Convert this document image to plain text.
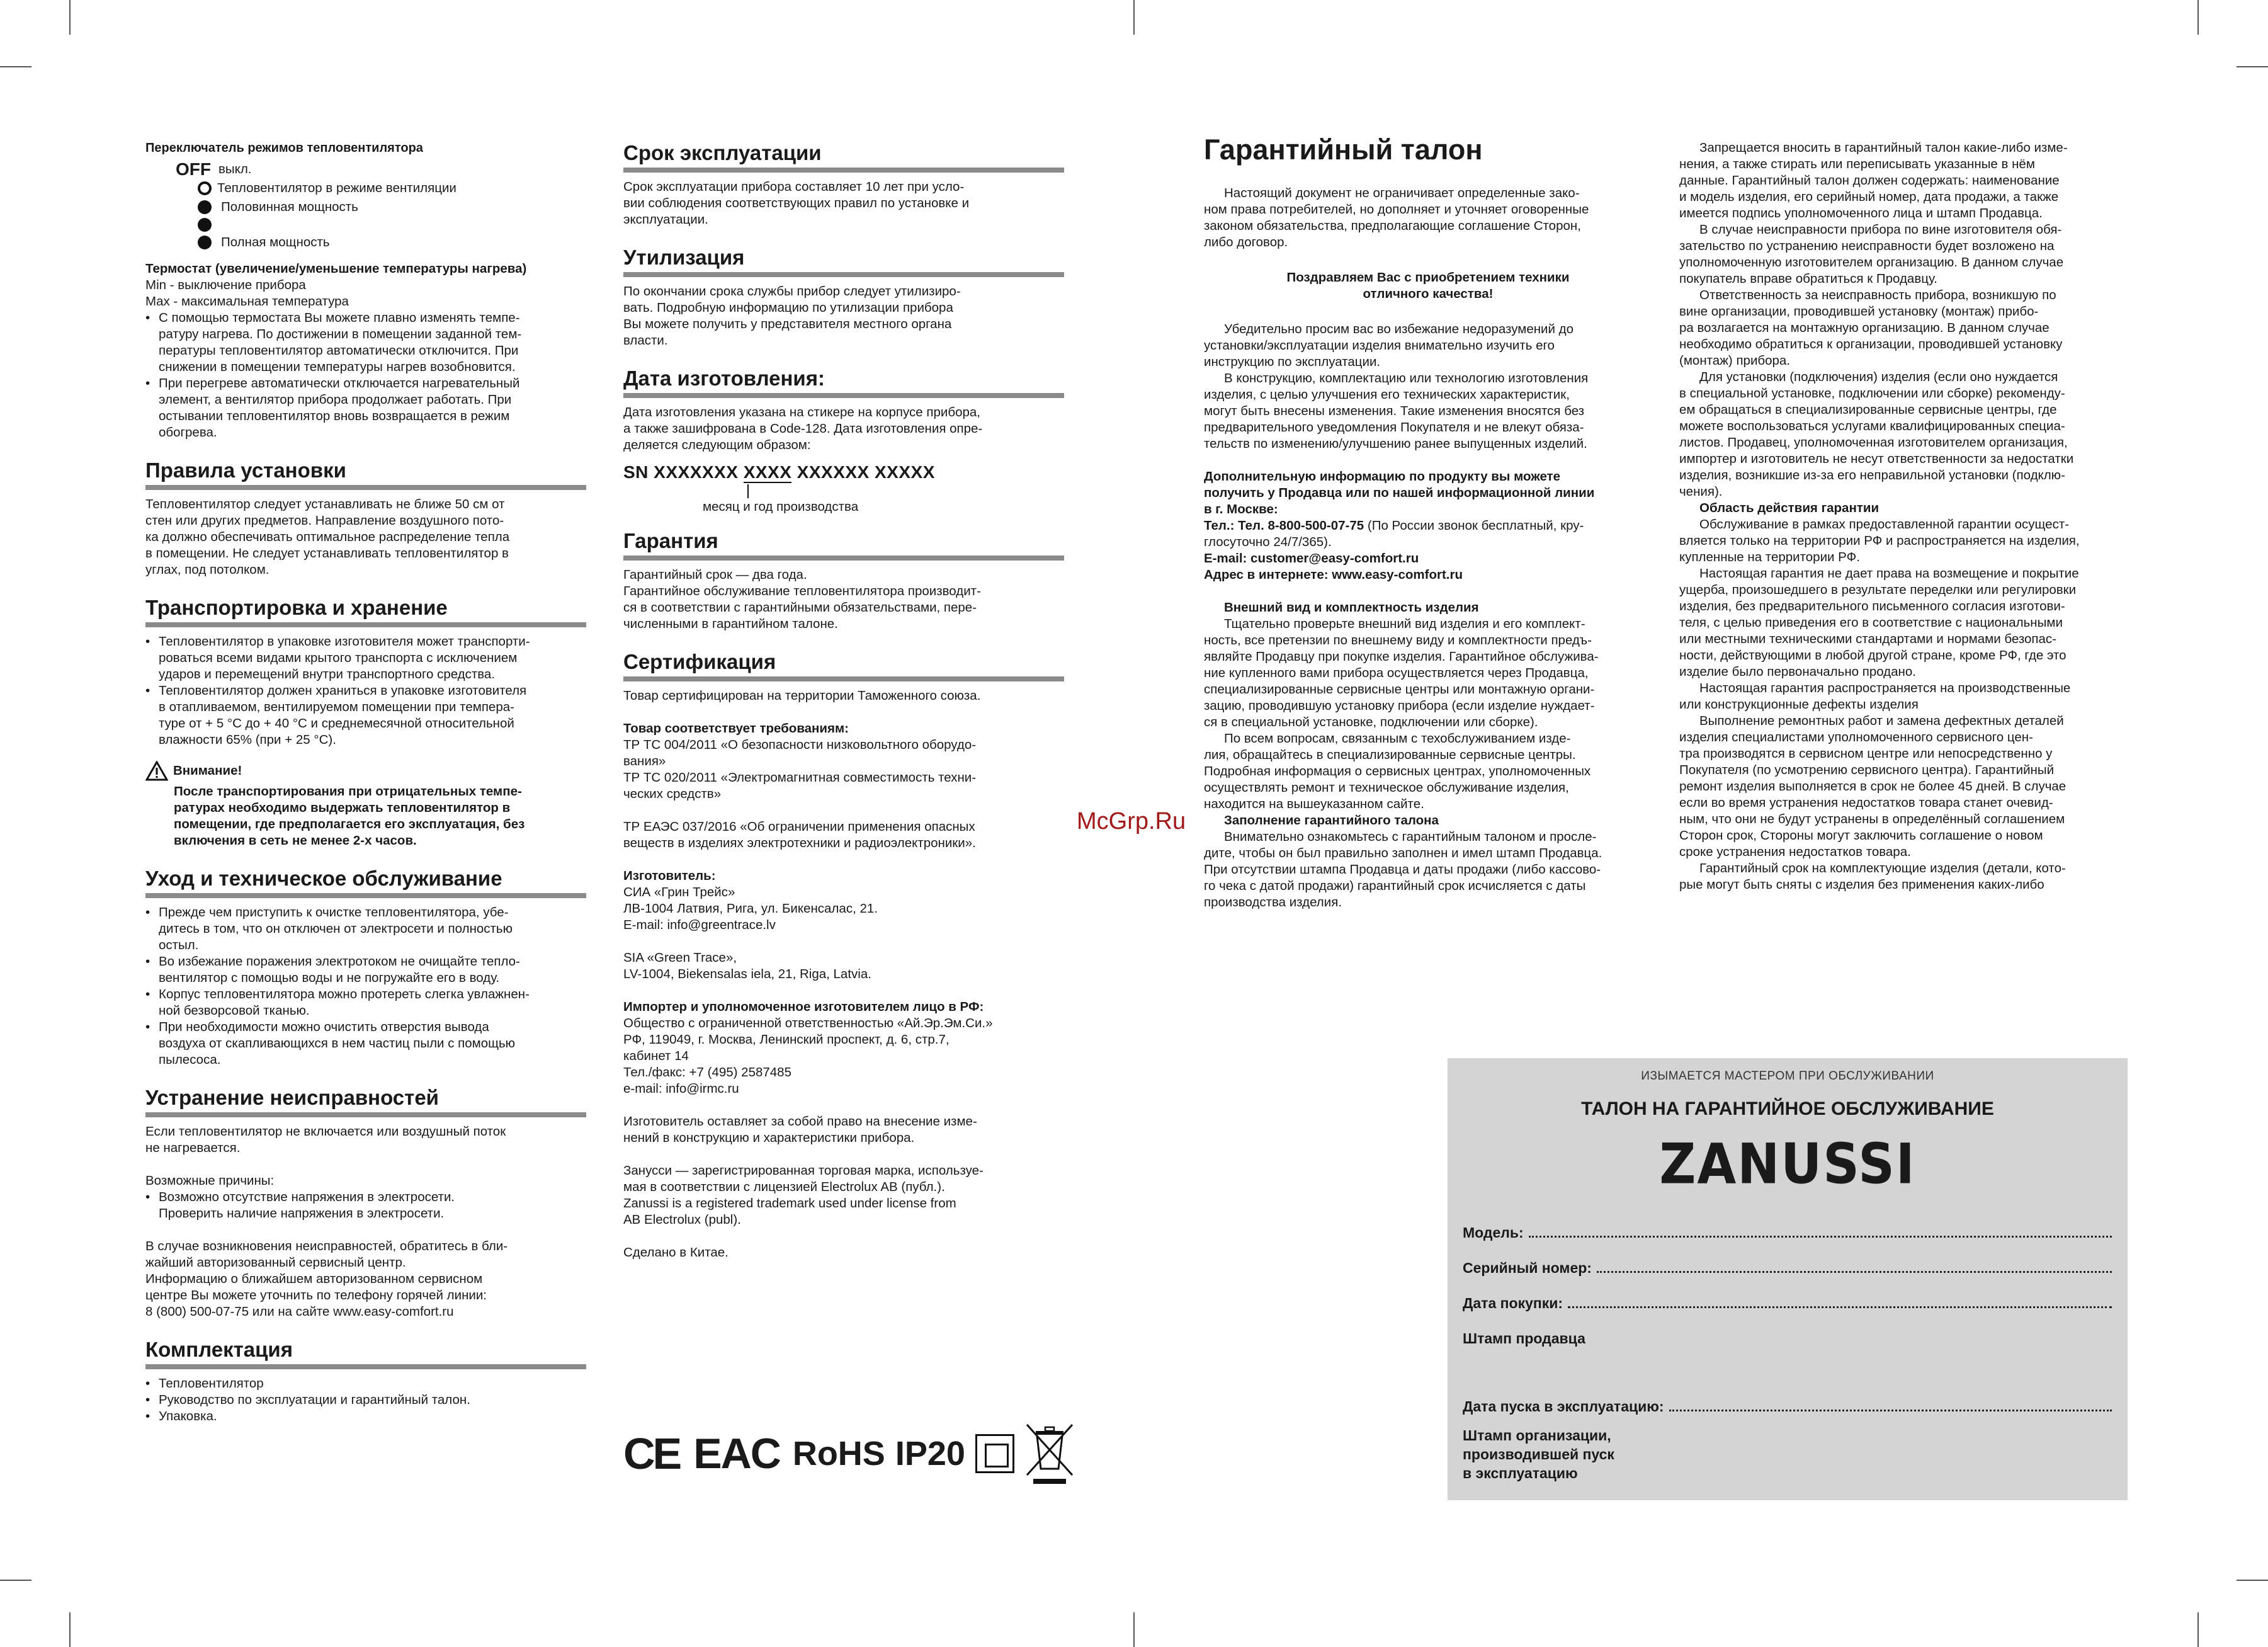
Переключатель режимов тепловентилятора

OFF выкл.

Тепловентилятор в режиме вентиляции

Половинная мощность

Полная мощность

Термостат (увеличение/уменьшение температуры нагрева)

Min - выключение прибора

Max - максимальная температура

• С помощью термостата Вы можете плавно изменять темпе-
ратуру нагрева. По достижении в помещении заданной тем-
пературы тепловентилятор автоматически отключится. При
снижении в помещении температуры нагрев возобновится.
• При перегреве автоматически отключается нагревательный
элемент, а вентилятор прибора продолжает работать. При
остывании тепловентилятор вновь возвращается в режим
обогрева.
Правила установки

Тепловентилятор следует устанавливать не ближе 50 см от
стен или других предметов. Направление воздушного пото-
ка должно обеспечивать оптимальное распределение тепла
в помещении. Не следует устанавливать тепловентилятор в
углах, под потолком.

Транспортировка и хранение
• Тепловентилятор в упаковке изготовителя может транспорти-
роваться всеми видами крытого транспорта с исключением
ударов и перемещений внутри транспортного средства.
• Тепловентилятор должен храниться в упаковке изготовителя
в отапливаемом, вентилируемом помещении при темпера-
туре от + 5 °С до + 40 °С и среднемесячной относительной
влажности 65% (при + 25 °С).

Внимание!

После транспортирования при отрицательных темпе-
ратурах необходимо выдержать тепловентилятор в
помещении, где предполагается его эксплуатация, без
включения в сеть не менее 2-х часов.

Уход и техническое обслуживание
• Прежде чем приступить к очистке тепловентилятора, убе-
дитесь в том, что он отключен от электросети и полностью
остыл.
• Во избежание поражения электротоком не очищайте тепло-
вентилятор с помощью воды и не погружайте его в воду.
• Корпус тепловентилятора можно протереть слегка увлажнен-
ной безворсовой тканью.
• При необходимости можно очистить отверстия вывода
воздуха от скапливающихся в нем частиц пыли с помощью
пылесоса.
Устранение неисправностей

Если тепловентилятор не включается или воздушный поток
не нагревается.

Возможные причины:

• Возможно отсутствие напряжения в электросети.
Проверить наличие напряжения в электросети.

В случае возникновения неисправностей, обратитесь в бли-
жайший авторизованный сервисный центр.
Информацию о ближайшем авторизованном сервисном
центре Вы можете уточнить по телефону горячей линии:
8 (800) 500-07-75 или на сайте www.easy-comfort.ru

Комплектация
• Тепловентилятор
• Руководство по эксплуатации и гарантийный талон.
• Упаковка.
Срок эксплуатации

Срок эксплуатации прибора составляет 10 лет при усло-
вии соблюдения соответствующих правил по установке и
эксплуатации.

Утилизация

По окончании срока службы прибор следует утилизиро-
вать. Подробную информацию по утилизации прибора
Вы можете получить у представителя местного органа
власти.

Дата изготовления:

Дата изготовления указана на стикере на корпусе прибора,
а также зашифрована в Code-128. Дата изготовления опре-
деляется следующим образом:

SN XXXXXXX XXXX XXXXXX XXXXX

месяц и год производства

Гарантия

Гарантийный срок — два года.
Гарантийное обслуживание тепловентилятора производит-
ся в соответствии с гарантийными обязательствами, пере-
численными в гарантийном талоне.

Сертификация

Товар сертифицирован на территории Таможенного союза.

Товар соответствует требованиям:

ТР ТС 004/2011 «О безопасности низковольтного оборудо-
вания»
ТР ТС 020/2011 «Электромагнитная совместимость техни-
ческих средств»

ТР ЕАЭС 037/2016 «Об ограничении применения опасных
веществ в изделиях электротехники и радиоэлектроники».

Изготовитель:

СИА «Грин Трейс»
ЛВ-1004 Латвия, Рига, ул. Бикенсалас, 21.
E-mail: info@greentrace.lv

SIA «Green Trace»,
LV-1004, Biekensalas iela, 21, Riga, Latvia.

Импортер и уполномоченное изготовителем лицо в РФ:

Общество с ограниченной ответственностью «Ай.Эр.Эм.Си.»
РФ, 119049, г. Москва, Ленинский проспект, д. 6, стр.7,
кабинет 14
Тел./факс: +7 (495) 2587485
e-mail: info@irmc.ru

Изготовитель оставляет за собой право на внесение изме-
нений в конструкцию и характеристики прибора.

Занусси — зарегистрированная торговая марка, используе-
мая в соответствии с лицензией Electrolux AB (публ.).
Zanussi is a registered trademark used under license from
AB Electrolux (publ).

Сделано в Китае.

CE EAC RoHS IP20
McGrp.Ru
Гарантийный талон

Настоящий документ не ограничивает определенные зако-
ном права потребителей, но дополняет и уточняет оговоренные
законом обязательства, предполагающие соглашение Сторон,
либо договор.

Поздравляем Вас с приобретением техники
отличного качества!

Убедительно просим вас во избежание недоразумений до
установки/эксплуатации изделия внимательно изучить его
инструкцию по эксплуатации.

В конструкцию, комплектацию или технологию изготовления
изделия, с целью улучшения его технических характеристик,
могут быть внесены изменения. Такие изменения вносятся без
предварительного уведомления Покупателя и не влекут обяза-
тельств по изменению/улучшению ранее выпущенных изделий.

Дополнительную информацию по продукту вы можете
получить у Продавца или по нашей информационной линии
в г. Москве:

Тел.: Тел. 8-800-500-07-75 (По России звонок бесплатный, кру-
глосуточно 24/7/365).

E-mail: customer@easy-comfort.ru

Адрес в интернете: www.easy-comfort.ru

Внешний вид и комплектность изделия

Тщательно проверьте внешний вид изделия и его комплект-
ность, все претензии по внешнему виду и комплектности предъ-
являйте Продавцу при покупке изделия. Гарантийное обслужива-
ние купленного вами прибора осуществляется через Продавца,
специализированные сервисные центры или монтажную органи-
зацию, проводившую установку прибора (если изделие нуждает-
ся в специальной установке, подключении или сборке).

По всем вопросам, связанным с техобслуживанием изде-
лия, обращайтесь в специализированные сервисные центры.
Подробная информация о сервисных центрах, уполномоченных
осуществлять ремонт и техническое обслуживание изделия,
находится на вышеуказанном сайте.

Заполнение гарантийного талона

Внимательно ознакомьтесь с гарантийным талоном и просле-
дите, чтобы он был правильно заполнен и имел штамп Продавца.
При отсутствии штампа Продавца и даты продажи (либо кассово-
го чека с датой продажи) гарантийный срок исчисляется с даты
производства изделия.

Запрещается вносить в гарантийный талон какие-либо изме-
нения, а также стирать или переписывать указанные в нём
данные. Гарантийный талон должен содержать: наименование
и модель изделия, его серийный номер, дата продажи, а также
имеется подпись уполномоченного лица и штамп Продавца.

В случае неисправности прибора по вине изготовителя обя-
зательство по устранению неисправности будет возложено на
уполномоченную изготовителем организацию. В данном случае
покупатель вправе обратиться к Продавцу.

Ответственность за неисправность прибора, возникшую по
вине организации, проводившей установку (монтаж) прибо-
ра возлагается на монтажную организацию. В данном случае
необходимо обратиться к организации, проводившей установку
(монтаж) прибора.

Для установки (подключения) изделия (если оно нуждается
в специальной установке, подключении или сборке) рекоменду-
ем обращаться в специализированные сервисные центры, где
можете воспользоваться услугами квалифицированных специа-
листов. Продавец, уполномоченная изготовителем организация,
импортер и изготовитель не несут ответственности за недостатки
изделия, возникшие из-за его неправильной установки (подклю-
чения).

Область действия гарантии

Обслуживание в рамках предоставленной гарантии осущест-
вляется только на территории РФ и распространяется на изделия,
купленные на территории РФ.

Настоящая гарантия не дает права на возмещение и покрытие
ущерба, произошедшего в результате переделки или регулировки
изделия, без предварительного письменного согласия изготови-
теля, с целью приведения его в соответствие с национальными
или местными техническими стандартами и нормами безопас-
ности, действующими в любой другой стране, кроме РФ, где это
изделие было первоначально продано.

Настоящая гарантия распространяется на производственные
или конструкционные дефекты изделия

Выполнение ремонтных работ и замена дефектных деталей
изделия специалистами уполномоченного сервисного цен-
тра производятся в сервисном центре или непосредственно у
Покупателя (по усмотрению сервисного центра). Гарантийный
ремонт изделия выполняется в срок не более 45 дней. В случае
если во время устранения недостатков товара станет очевид-
ным, что они не будут устранены в определённый соглашением
Сторон срок, Стороны могут заключить соглашение о новом
сроке устранения недостатков товара.

Гарантийный срок на комплектующие изделия (детали, кото-
рые могут быть сняты с изделия без применения каких-либо

ИЗЫМАЕТСЯ МАСТЕРОМ ПРИ ОБСЛУЖИВАНИИ
ТАЛОН НА ГАРАНТИЙНОЕ ОБСЛУЖИВАНИЕ
ZANUSSI
Модель:
Серийный номер:
Дата покупки:
Штамп продавца
Дата пуска в эксплуатацию:
Штамп организации,
производившей пуск
в эксплуатацию
